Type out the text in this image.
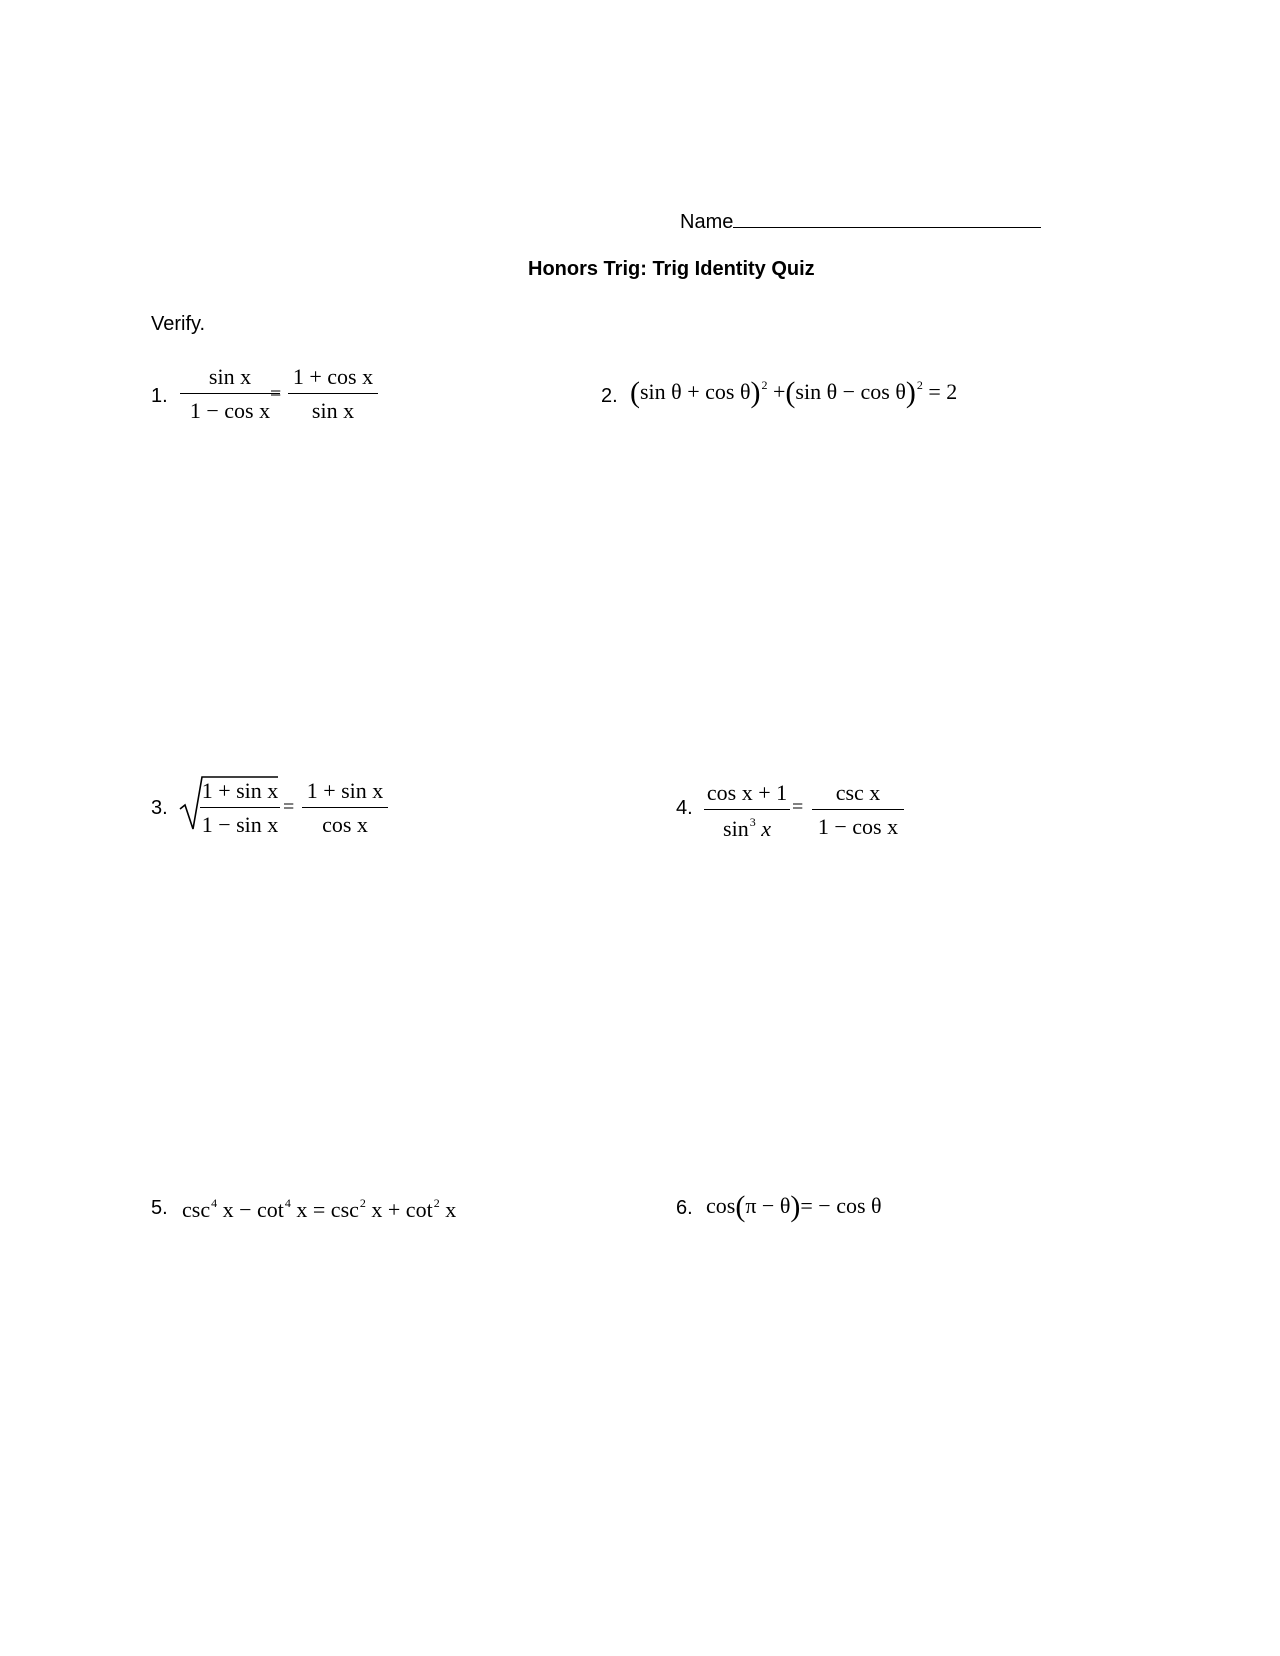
Name
Honors Trig: Trig Identity Quiz
Verify.
1.
sin x
1 − cos x
=
1 + cos x
sin x
2. (sin θ + cos θ)$^2$ +(sin θ − cos θ)$^2$ = 2
3.
1 + sin x
1 − sin x
=
1 + sin x
cos x
4.
cos x + 1
$\sin^3 x$
=
csc x
1 − cos x
5. $\csc^4 x - \cot^4 x = \csc^2 x + \cot^2 x$	6. cos(π − θ)= − cos θ
